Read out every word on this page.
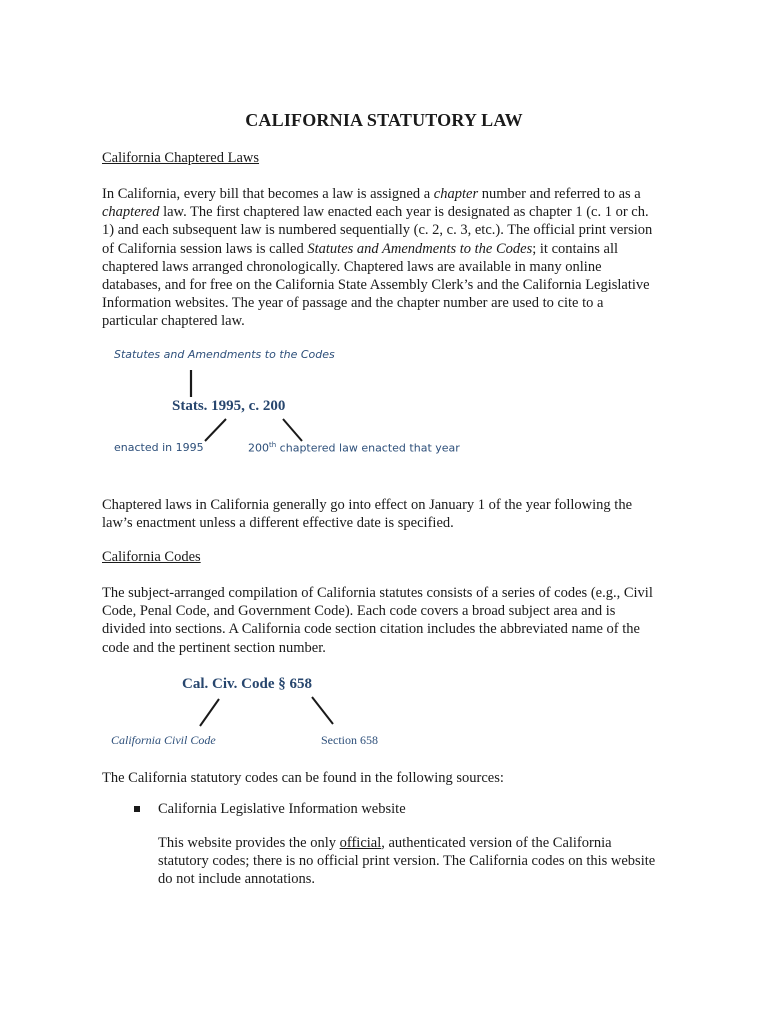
CALIFORNIA STATUTORY LAW
California Chaptered Laws
In California, every bill that becomes a law is assigned a chapter number and referred to as a
chaptered law. The first chaptered law enacted each year is designated as chapter 1 (c. 1 or ch.
1) and each subsequent law is numbered sequentially (c. 2, c. 3, etc.). The official print version
of California session laws is called Statutes and Amendments to the Codes; it contains all
chaptered laws arranged chronologically. Chaptered laws are available in many online
databases, and for free on the California State Assembly Clerk’s and the California Legislative
Information websites. The year of passage and the chapter number are used to cite to a
particular chaptered law.
Statutes and Amendments to the Codes
Stats. 1995, c. 200
enacted in 1995	200th chaptered law enacted that year
Chaptered laws in California generally go into effect on January 1 of the year following the
law’s enactment unless a different effective date is specified.
California Codes
The subject-arranged compilation of California statutes consists of a series of codes (e.g., Civil
Code, Penal Code, and Government Code). Each code covers a broad subject area and is
divided into sections. A California code section citation includes the abbreviated name of the
code and the pertinent section number.
Cal. Civ. Code § 658
California Civil Code	Section 658
The California statutory codes can be found in the following sources:
California Legislative Information website
This website provides the only official, authenticated version of the California
statutory codes; there is no official print version. The California codes on this website
do not include annotations.
